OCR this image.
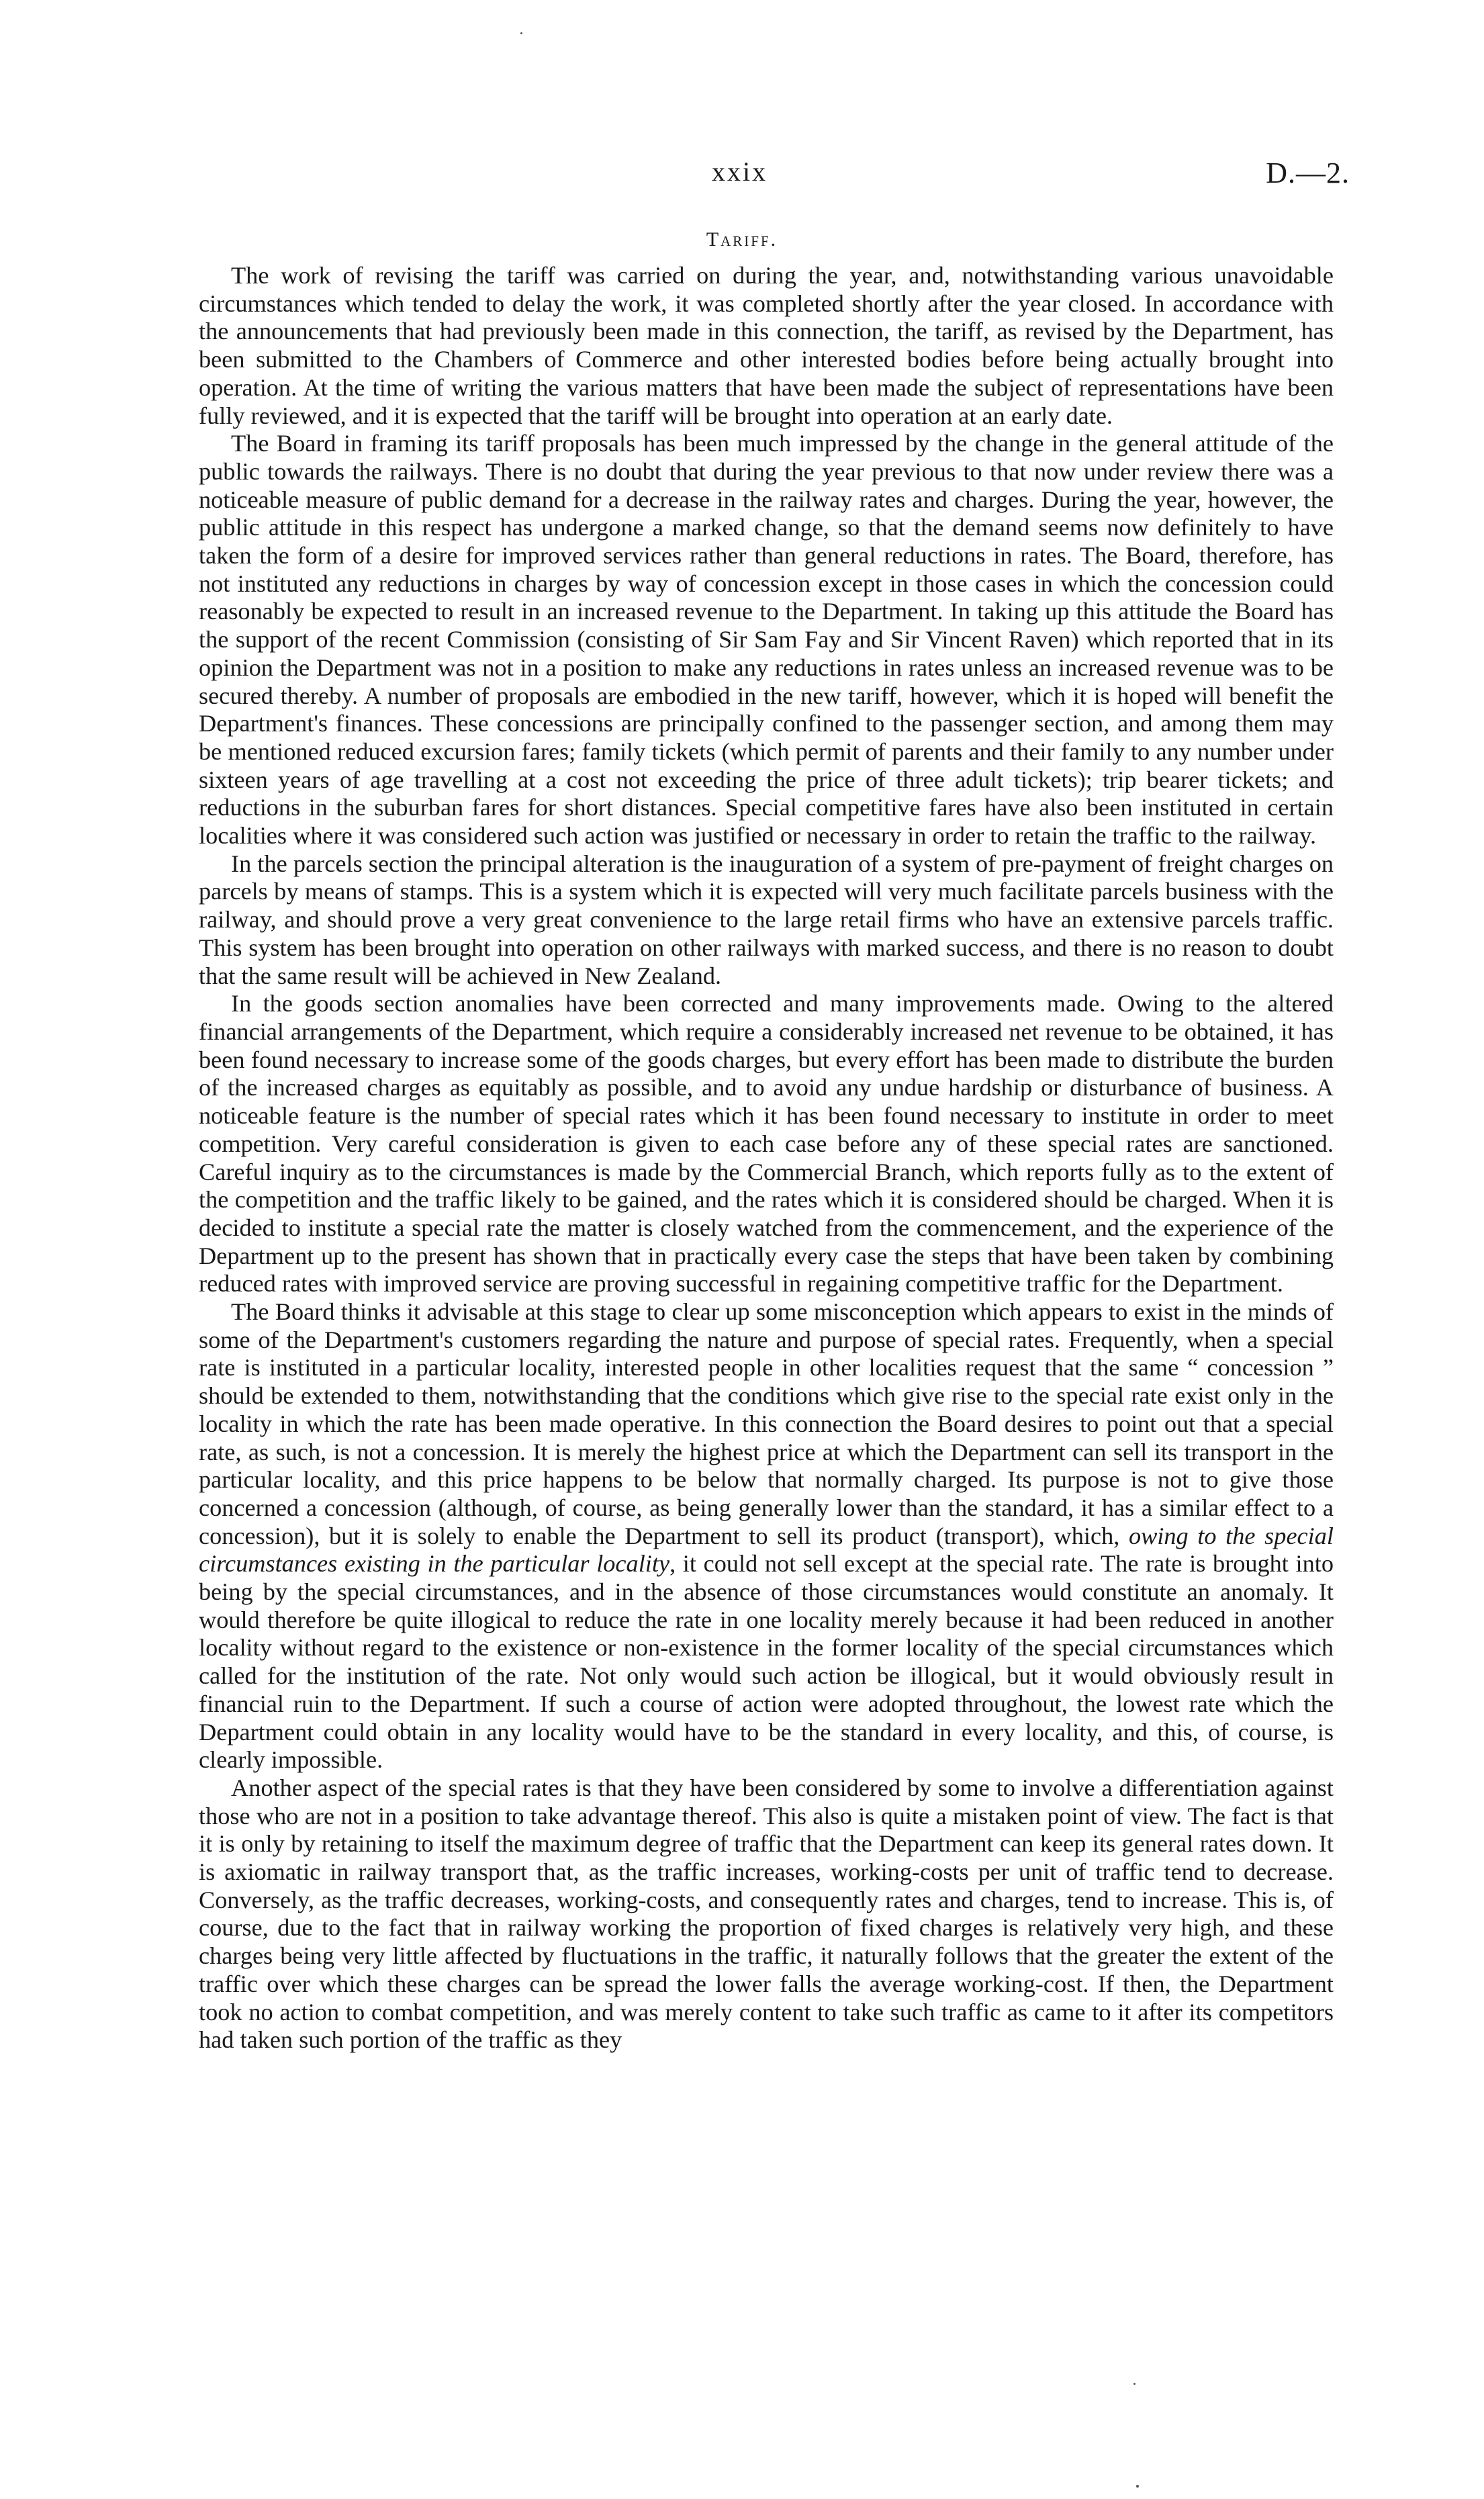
xxix	D.—2.
Tariff.

The work of revising the tariff was carried on during the year, and, notwithstanding various unavoidable circumstances which tended to delay the work, it was completed shortly after the year closed. In accordance with the announcements that had previously been made in this connection, the tariff, as revised by the Department, has been submitted to the Chambers of Commerce and other interested bodies before being actually brought into operation. At the time of writing the various matters that have been made the subject of representations have been fully reviewed, and it is expected that the tariff will be brought into operation at an early date.

The Board in framing its tariff proposals has been much impressed by the change in the general attitude of the public towards the railways. There is no doubt that during the year previous to that now under review there was a noticeable measure of public demand for a decrease in the railway rates and charges. During the year, however, the public attitude in this respect has undergone a marked change, so that the demand seems now definitely to have taken the form of a desire for improved services rather than general reductions in rates. The Board, therefore, has not instituted any reductions in charges by way of concession except in those cases in which the concession could reasonably be expected to result in an increased revenue to the Department. In taking up this attitude the Board has the support of the recent Commission (consisting of Sir Sam Fay and Sir Vincent Raven) which reported that in its opinion the Department was not in a position to make any reductions in rates unless an increased revenue was to be secured thereby. A number of proposals are embodied in the new tariff, however, which it is hoped will benefit the Department's finances. These concessions are principally confined to the passenger section, and among them may be mentioned reduced excursion fares; family tickets (which permit of parents and their family to any number under sixteen years of age travelling at a cost not exceeding the price of three adult tickets); trip bearer tickets; and reductions in the suburban fares for short distances. Special competitive fares have also been instituted in certain localities where it was considered such action was justified or necessary in order to retain the traffic to the railway.

In the parcels section the principal alteration is the inauguration of a system of pre-payment of freight charges on parcels by means of stamps. This is a system which it is expected will very much facilitate parcels business with the railway, and should prove a very great convenience to the large retail firms who have an extensive parcels traffic. This system has been brought into operation on other railways with marked success, and there is no reason to doubt that the same result will be achieved in New Zealand.

In the goods section anomalies have been corrected and many improvements made. Owing to the altered financial arrangements of the Department, which require a considerably increased net revenue to be obtained, it has been found necessary to increase some of the goods charges, but every effort has been made to distribute the burden of the increased charges as equitably as possible, and to avoid any undue hardship or disturbance of business. A noticeable feature is the number of special rates which it has been found necessary to institute in order to meet competition. Very careful consideration is given to each case before any of these special rates are sanctioned. Careful inquiry as to the circumstances is made by the Commercial Branch, which reports fully as to the extent of the competition and the traffic likely to be gained, and the rates which it is considered should be charged. When it is decided to institute a special rate the matter is closely watched from the commencement, and the experience of the Department up to the present has shown that in practically every case the steps that have been taken by combining reduced rates with improved service are proving successful in regaining competitive traffic for the Department.

The Board thinks it advisable at this stage to clear up some misconception which appears to exist in the minds of some of the Department's customers regarding the nature and purpose of special rates. Frequently, when a special rate is instituted in a particular locality, interested people in other localities request that the same “ concession ” should be extended to them, notwithstanding that the conditions which give rise to the special rate exist only in the locality in which the rate has been made operative. In this connection the Board desires to point out that a special rate, as such, is not a concession. It is merely the highest price at which the Department can sell its transport in the particular locality, and this price happens to be below that normally charged. Its purpose is not to give those concerned a concession (although, of course, as being generally lower than the standard, it has a similar effect to a concession), but it is solely to enable the Department to sell its product (transport), which, owing to the special circumstances existing in the particular locality, it could not sell except at the special rate. The rate is brought into being by the special circumstances, and in the absence of those circumstances would constitute an anomaly. It would therefore be quite illogical to reduce the rate in one locality merely because it had been reduced in another locality without regard to the existence or non-existence in the former locality of the special circumstances which called for the institution of the rate. Not only would such action be illogical, but it would obviously result in financial ruin to the Department. If such a course of action were adopted throughout, the lowest rate which the Department could obtain in any locality would have to be the standard in every locality, and this, of course, is clearly impossible.

Another aspect of the special rates is that they have been considered by some to involve a differentiation against those who are not in a position to take advantage thereof. This also is quite a mistaken point of view. The fact is that it is only by retaining to itself the maximum degree of traffic that the Department can keep its general rates down. It is axiomatic in railway transport that, as the traffic increases, working-costs per unit of traffic tend to decrease. Conversely, as the traffic decreases, working-costs, and consequently rates and charges, tend to increase. This is, of course, due to the fact that in railway working the proportion of fixed charges is relatively very high, and these charges being very little affected by fluctuations in the traffic, it naturally follows that the greater the extent of the traffic over which these charges can be spread the lower falls the average working-cost. If then, the Department took no action to combat competition, and was merely content to take such traffic as came to it after its competitors had taken such portion of the traffic as they
